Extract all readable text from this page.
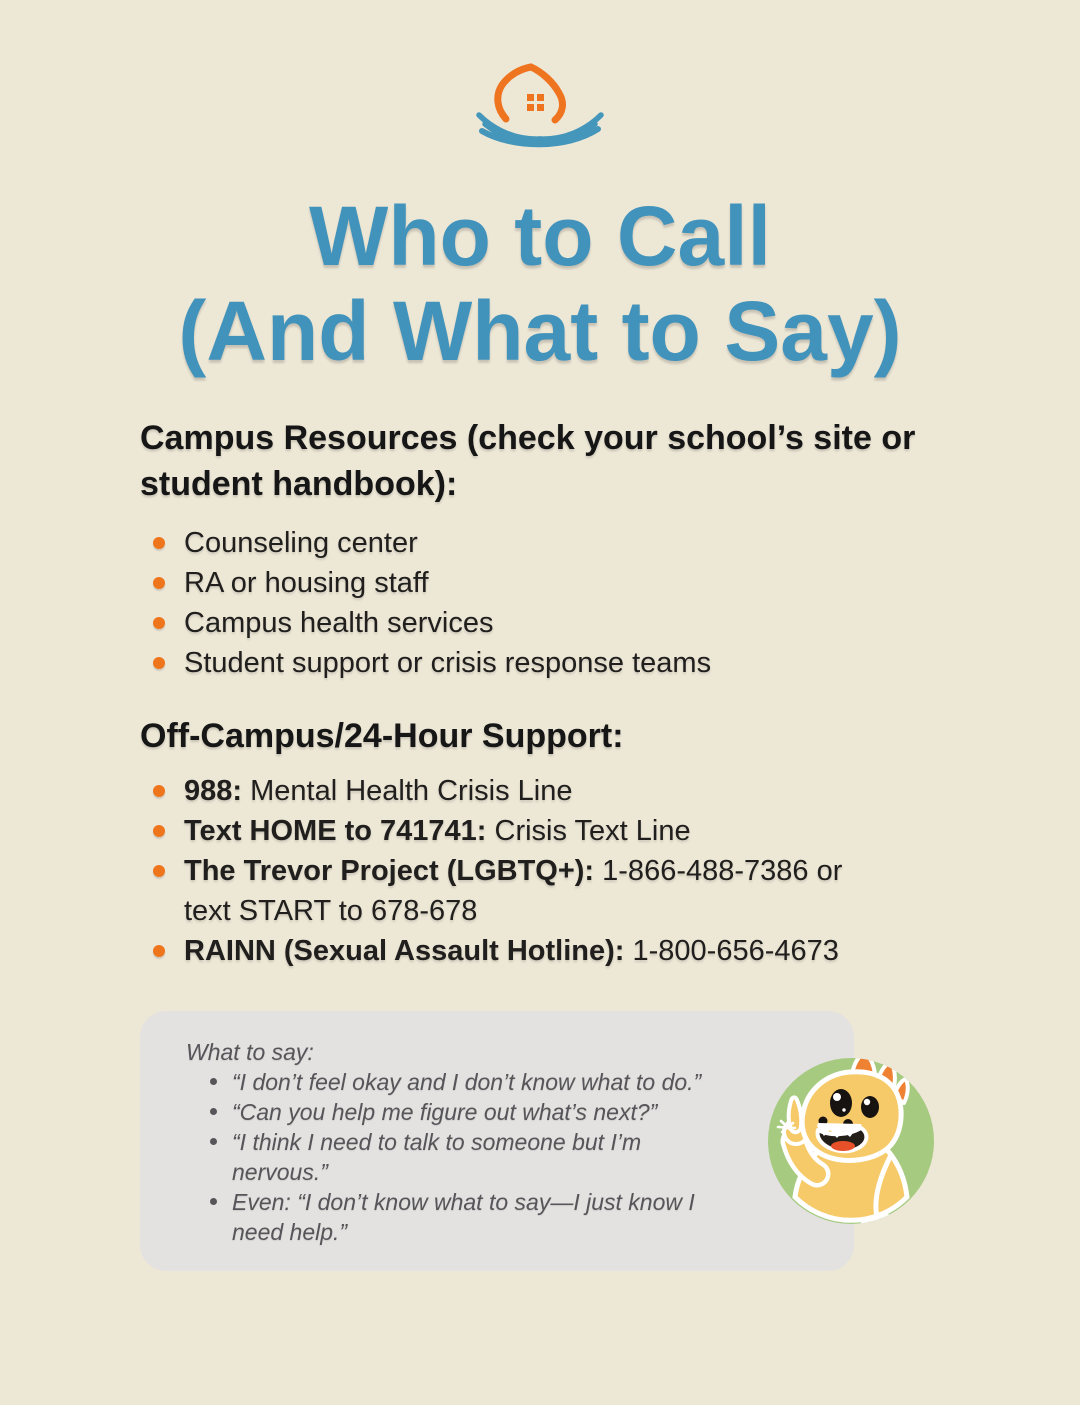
Who to Call
(And What to Say)
Campus Resources (check your school’s site or student handbook):
Counseling center
RA or housing staff
Campus health services
Student support or crisis response teams
Off-Campus/24-Hour Support:
988: Mental Health Crisis Line
Text HOME to 741741: Crisis Text Line
The Trevor Project (LGBTQ+): 1-866-488-7386 or text START to 678-678
RAINN (Sexual Assault Hotline): 1-800-656-4673
What to say:
“I don’t feel okay and I don’t know what to do.”
“Can you help me figure out what’s next?”
“I think I need to talk to someone but I’m nervous.”
Even: “I don’t know what to say—I just know I need help.”
